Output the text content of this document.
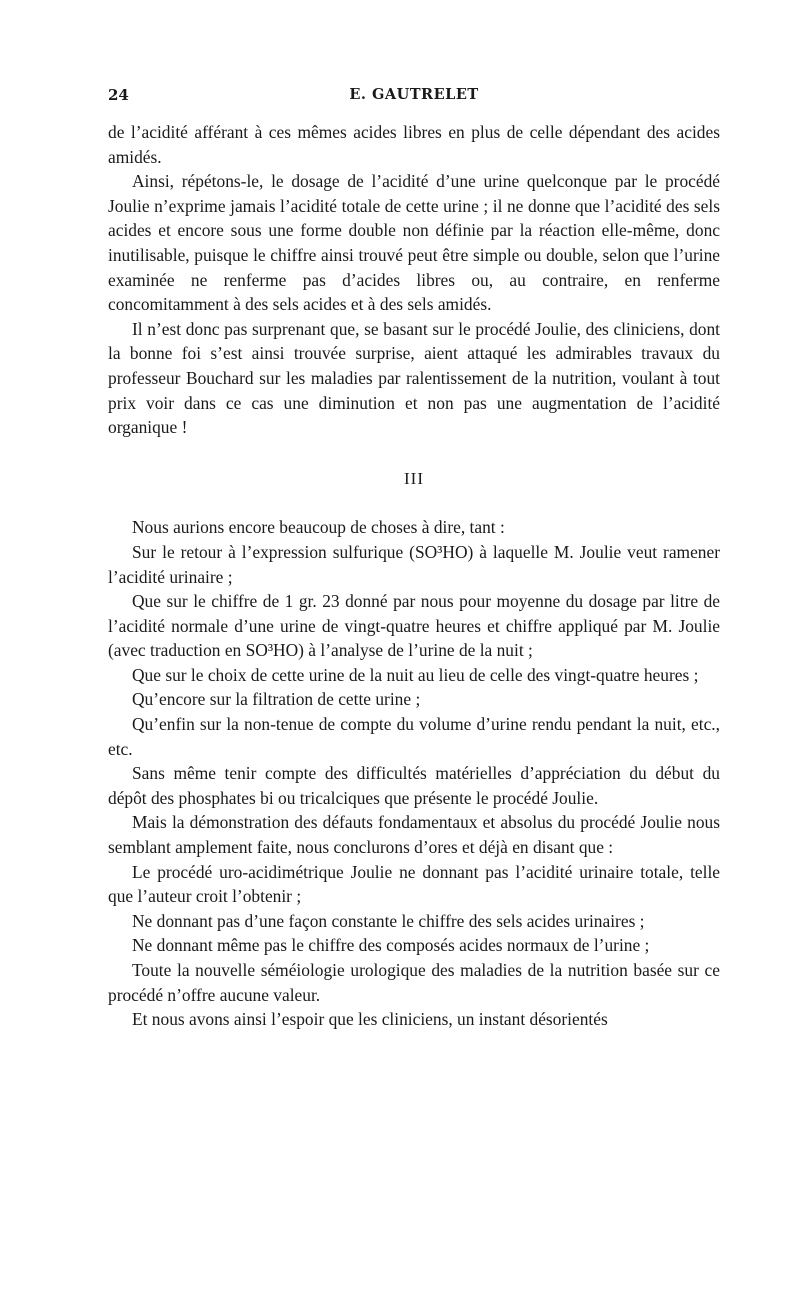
24	E. GAUTRELET

de l’acidité afférant à ces mêmes acides libres en plus de celle dépendant des acides amidés.

Ainsi, répétons-le, le dosage de l’acidité d’une urine quelconque par le procédé Joulie n’exprime jamais l’acidité totale de cette urine ; il ne donne que l’acidité des sels acides et encore sous une forme double non définie par la réaction elle-même, donc inutilisable, puisque le chiffre ainsi trouvé peut être simple ou double, selon que l’urine examinée ne renferme pas d’acides libres ou, au contraire, en renferme concomitamment à des sels acides et à des sels amidés.

Il n’est donc pas surprenant que, se basant sur le procédé Joulie, des cliniciens, dont la bonne foi s’est ainsi trouvée surprise, aient attaqué les admirables travaux du professeur Bouchard sur les maladies par ralentissement de la nutrition, voulant à tout prix voir dans ce cas une diminution et non pas une augmentation de l’acidité organique !

III

Nous aurions encore beaucoup de choses à dire, tant :

Sur le retour à l’expression sulfurique (SO³HO) à laquelle M. Joulie veut ramener l’acidité urinaire ;

Que sur le chiffre de 1 gr. 23 donné par nous pour moyenne du dosage par litre de l’acidité normale d’une urine de vingt-quatre heures et chiffre appliqué par M. Joulie (avec traduction en SO³HO) à l’analyse de l’urine de la nuit ;

Que sur le choix de cette urine de la nuit au lieu de celle des vingt-quatre heures ;

Qu’encore sur la filtration de cette urine ;

Qu’enfin sur la non-tenue de compte du volume d’urine rendu pendant la nuit, etc., etc.

Sans même tenir compte des difficultés matérielles d’appréciation du début du dépôt des phosphates bi ou tricalciques que présente le procédé Joulie.

Mais la démonstration des défauts fondamentaux et absolus du procédé Joulie nous semblant amplement faite, nous conclurons d’ores et déjà en disant que :

Le procédé uro-acidimétrique Joulie ne donnant pas l’acidité urinaire totale, telle que l’auteur croit l’obtenir ;

Ne donnant pas d’une façon constante le chiffre des sels acides urinaires ;

Ne donnant même pas le chiffre des composés acides normaux de l’urine ;

Toute la nouvelle séméiologie urologique des maladies de la nutrition basée sur ce procédé n’offre aucune valeur.

Et nous avons ainsi l’espoir que les cliniciens, un instant désorientés
